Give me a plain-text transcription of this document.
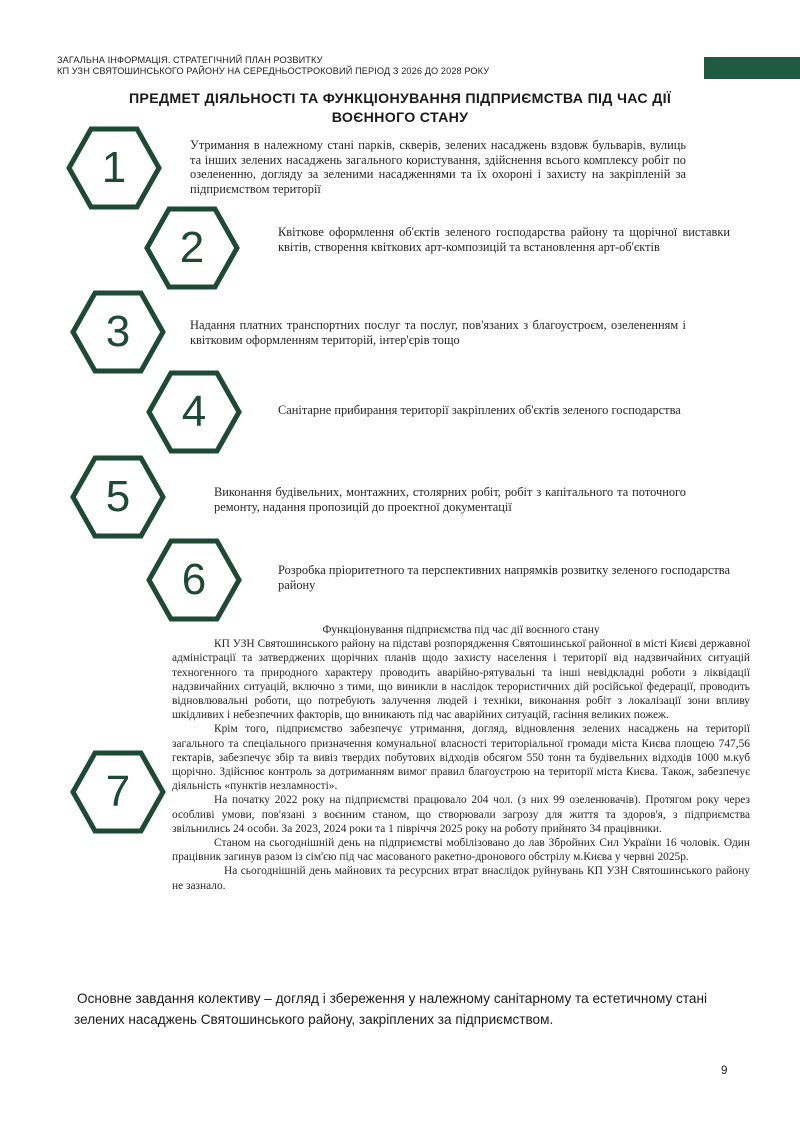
ЗАГАЛЬНА ІНФОРМАЦІЯ. СТРАТЕГІЧНИЙ ПЛАН РОЗВИТКУ
КП УЗН СВЯТОШИНСЬКОГО РАЙОНУ НА СЕРЕДНЬОСТРОКОВИЙ ПЕРІОД З 2026 ДО 2028 РОКУ
ПРЕДМЕТ ДІЯЛЬНОСТІ ТА ФУНКЦІОНУВАННЯ ПІДПРИЄМСТВА ПІД ЧАС ДІЇ
ВОЄННОГО СТАНУ
1	Утримання в належному стані парків, скверів, зелених насаджень вздовж бульварів, вулиць та інших зелених насаджень загального користування, здійснення всього комплексу робіт по озелененню, догляду за зеленими насадженнями та їх охороні і захисту на закріпленій за підприємством території
2	Квіткове оформлення об'єктів зеленого господарства району та щорічної виставки квітів, створення квіткових арт-композицій та встановлення арт-об'єктів
3	Надання платних транспортних послуг та послуг, пов'язаних з благоустроєм, озелененням і квітковим оформленням територій, інтер'єрів тощо
4	Санітарне прибирання території закріплених об'єктів зеленого господарства
5	Виконання будівельних, монтажних, столярних робіт, робіт з капітального та поточного ремонту, надання пропозицій до проектної документації
6	Розробка пріоритетного та перспективних напрямків розвитку зеленого господарства району
7
Функціонування підприємства під час дії воєнного стану

КП УЗН Святошинського району на підставі розпорядження Святошинської районної в місті Києві державної адміністрації та затверджених щорічних планів щодо захисту населення і території від надзвичайних ситуацій техногенного та природного характеру проводить аварійно-рятувальні та інші невідкладні роботи з ліквідації надзвичайних ситуацій, включно з тими, що виникли в наслідок терористичних дій російської федерації, проводить відновлювальні роботи, що потребують залучення людей і техніки, виконання робіт з локалізації зони впливу шкідливих і небезпечних факторів, що виникають під час аварійних ситуацій, гасіння великих пожеж.

Крім того, підприємство забезпечує утримання, догляд, відновлення зелених насаджень на території загального та спеціального призначення комунальної власності територіальної громади міста Києва площею 747,56 гектарів, забезпечує збір та вивіз твердих побутових відходів обсягом 550 тонн та будівельних відходів 1000 м.куб щорічно. Здійснює контроль за дотриманням вимог правил благоустрою на території міста Києва. Також, забезпечує діяльність «пунктів незламності».

На початку 2022 року на підприємстві працювало 204 чол. (з них 99 озеленювачів). Протягом року через особливі умови, пов'язані з воєнним станом, що створювали загрозу для життя та здоров'я, з підприємства звільнились 24 особи. За 2023, 2024 роки та 1 півріччя 2025 року на роботу прийнято 34 працівники.

Станом на сьогоднішній день на підприємстві мобілізовано до лав Збройних Сил України 16 чоловік. Один працівник загинув разом із сім'єю під час масованого ракетно-дронового обстрілу м.Києва у червні 2025р.

На сьогоднішній день майнових та ресурсних втрат внаслідок руйнувань КП УЗН Святошинського району не зазнало.

Основне завдання колективу – догляд і збереження у належному санітарному та естетичному стані зелених насаджень Святошинського району, закріплених за підприємством.
9
